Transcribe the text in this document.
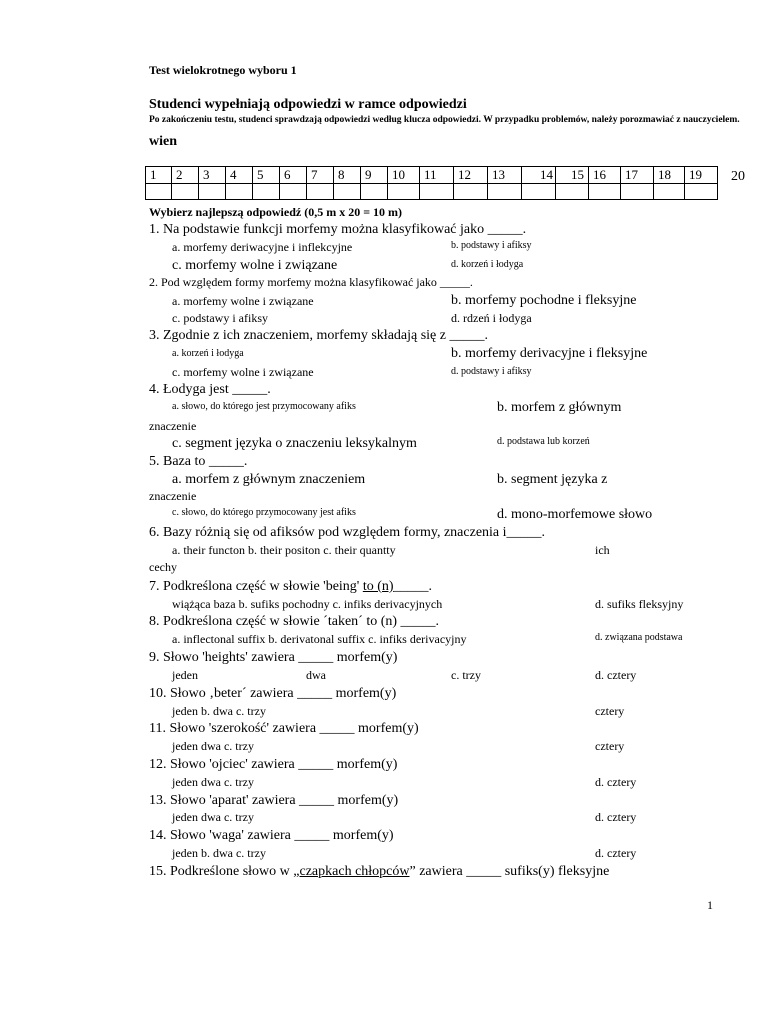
Test wielokrotnego wyboru 1
Studenci wypełniają odpowiedzi w ramce odpowiedzi
Po zakończeniu testu, studenci sprawdzają odpowiedzi według klucza odpowiedzi. W przypadku problemów, należy porozmawiać z nauczycielem.
wien
1	2	3	4	5	6	7	8	9	10	11	12	13	14	15	16	17	18	19
																		20
Wybierz najlepszą odpowiedź (0,5 m x 20 = 10 m)
1. Na podstawie funkcji morfemy można klasyfikować jako _____.
a. morfemy deriwacyjne i inflekcyjne	b. podstawy i afiksy
c. morfemy wolne i związane	d. korzeń i łodyga
2. Pod względem formy morfemy można klasyfikować jako _____.
a. morfemy wolne i związane	b. morfemy pochodne i fleksyjne
c. podstawy i afiksy	d. rdzeń i łodyga
3. Zgodnie z ich znaczeniem, morfemy składają się z _____.
a. korzeń i łodyga	b. morfemy derivacyjne i fleksyjne
c. morfemy wolne i związane	d. podstawy i afiksy
4. Łodyga jest _____.
a. słowo, do którego jest przymocowany afiks	b. morfem z głównym
znaczenie
c. segment języka o znaczeniu leksykalnym	d. podstawa lub korzeń
5. Baza to _____.
a. morfem z głównym znaczeniem	b. segment języka z
znaczenie
c. słowo, do którego przymocowany jest afiks	d. mono-morfemowe słowo
6. Bazy różnią się od afiksów pod względem formy, znaczenia i_____.
a. their functon b. their positon c. their quantty	ich
cechy
7. Podkreślona część w słowie 'being' to (n)_____.
wiążąca baza b. sufiks pochodny c. infiks derivacyjnych	d. sufiks fleksyjny
8. Podkreślona część w słowie ´taken´ to (n) _____.
a. inflectonal suffix b. derivatonal suffix c. infiks derivacyjny	d. związana podstawa
9. Słowo 'heights' zawiera _____ morfem(y)
jeden	dwa	c. trzy	d. cztery
10. Słowo ‚beter´ zawiera _____ morfem(y)
jeden b. dwa c. trzy	cztery
11. Słowo 'szerokość' zawiera _____ morfem(y)
jeden dwa c. trzy	cztery
12. Słowo 'ojciec' zawiera _____ morfem(y)
jeden dwa c. trzy	d. cztery
13. Słowo 'aparat' zawiera _____ morfem(y)
jeden dwa c. trzy	d. cztery
14. Słowo 'waga' zawiera _____ morfem(y)
jeden b. dwa c. trzy	d. cztery
15. Podkreślone słowo w „czapkach chłopców” zawiera _____ sufiks(y) fleksyjne
1
